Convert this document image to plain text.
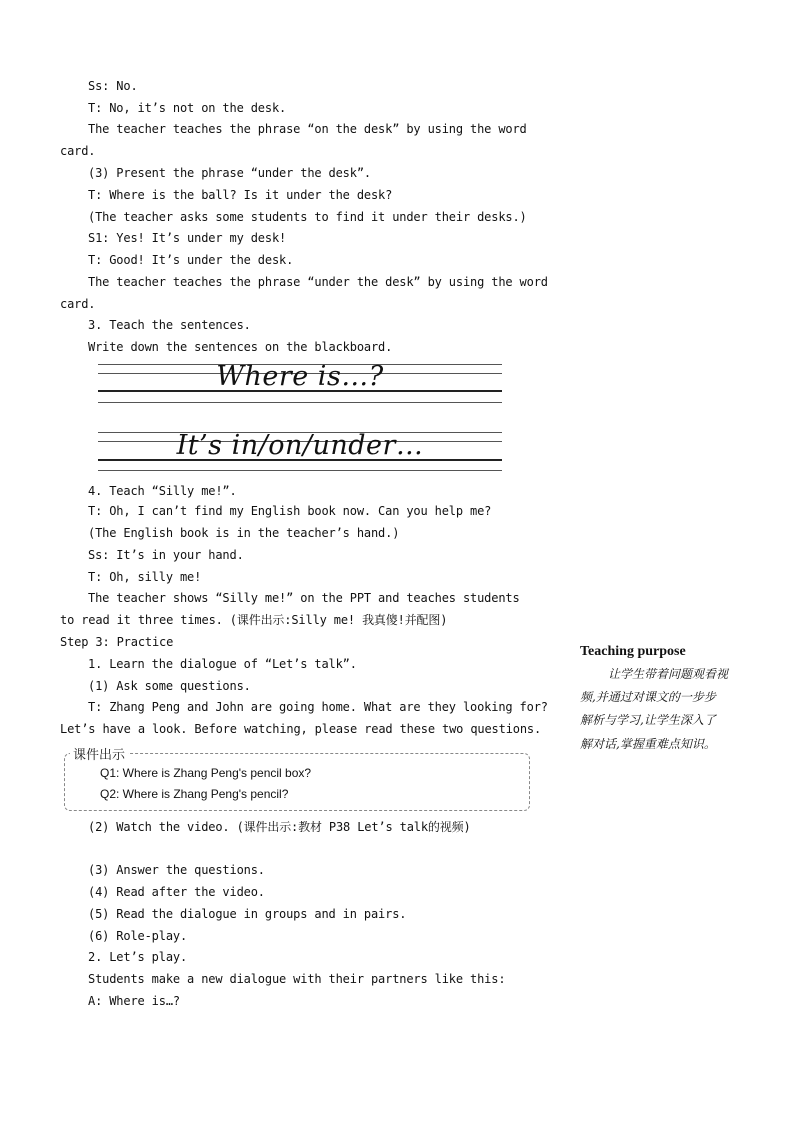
Ss: No.
T: No, it’s not on the desk.
The teacher teaches the phrase “on the desk” by using the word
card.
(3) Present the phrase “under the desk”.
T: Where is the ball? Is it under the desk?
(The teacher asks some students to find it under their desks.)
S1: Yes! It’s under my desk!
T: Good! It’s under the desk.
The teacher teaches the phrase “under the desk” by using the word
card.
3. Teach the sentences.
Write down the sentences on the blackboard.
Where is…?
It’s in/on/under…
4. Teach “Silly me!”.
T: Oh, I can’t find my English book now. Can you help me?
(The English book is in the teacher’s hand.)
Ss: It’s in your hand.
T: Oh, silly me!
The teacher shows “Silly me!” on the PPT and teaches students
to read it three times. (课件出示:Silly me! 我真傻!并配图)
Step 3: Practice
1. Learn the dialogue of “Let’s talk”.
(1) Ask some questions.
T: Zhang Peng and John are going home. What are they looking for?
Let’s have a look. Before watching, please read these two questions.
课件出示
Q1: Where is Zhang Peng's pencil box?
Q2: Where is Zhang Peng's pencil?
(2) Watch the video. (课件出示:教材 P38 Let’s talk的视频)
(3) Answer the questions.
(4) Read after the video.
(5) Read the dialogue in groups and in pairs.
(6) Role-play.
2. Let’s play.
Students make a new dialogue with their partners like this:
A: Where is…?
Teaching purpose
让学生带着问题观看视
频,并通过对课文的一步步
解析与学习,让学生深入了
解对话,掌握重难点知识。
